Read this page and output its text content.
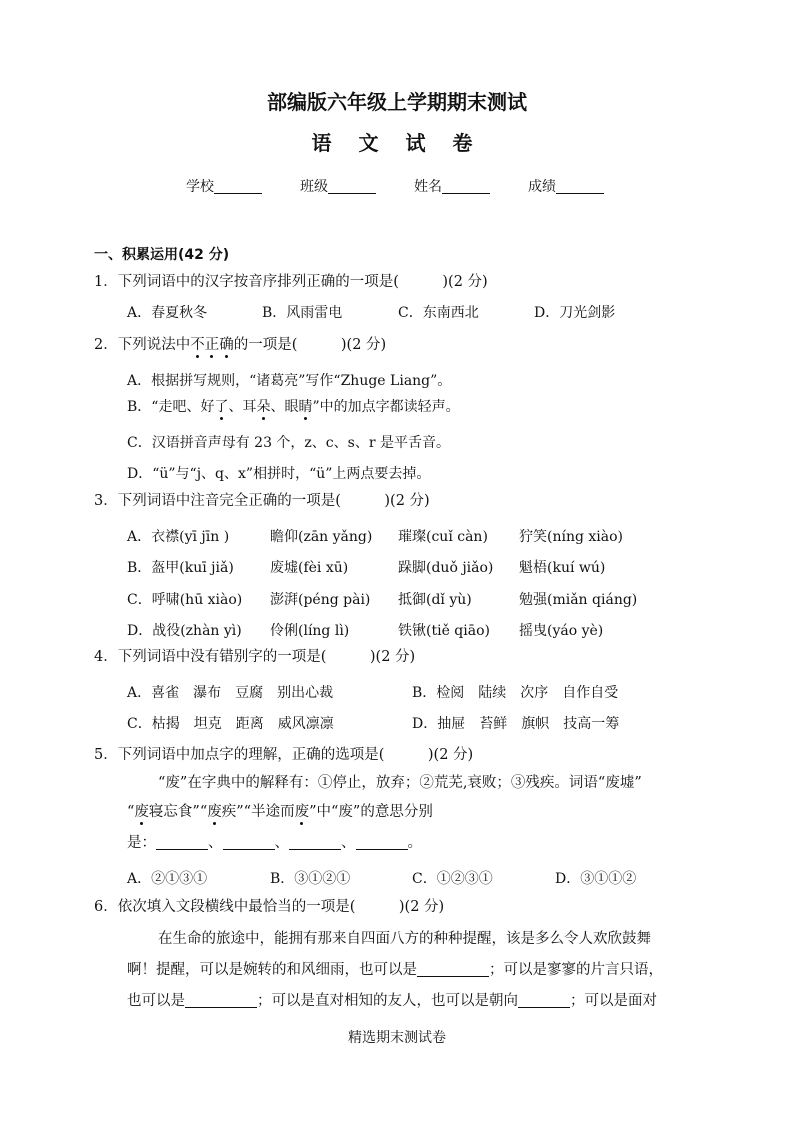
部编版六年级上学期期末测试
语 文 试 卷
学校	班级	姓名	成绩
一、积累运用(42 分)
1．下列词语中的汉字按音序排列正确的一项是(　　　)(2 分)
A．春夏秋冬	B．风雨雷电	C．东南西北	D．刀光剑影
2．下列说法中不正确的一项是(　　　)(2 分)
A．根据拼写规则，“诸葛亮”写作“Zhuge Liang”。
B．“走吧、好了、耳朵、眼睛”中的加点字都读轻声。
C．汉语拼音声母有 23 个，z、c、s、r 是平舌音。
D．“ü”与“j、q、x”相拼时，“ü”上两点要去掉。
3．下列词语中注音完全正确的一项是(　　　)(2 分)
A．衣襟(yī jīn )	瞻仰(zān yǎng) 璀璨(cuǐ càn) 狞笑(níng xiào)
B．盔甲(kuī jiǎ)	废墟(fèi xū)	跺脚(duǒ jiǎo) 魁梧(kuí wú)
C．呼啸(hū xiào) 澎湃(péng pài) 抵御(dǐ yù)	勉强(miǎn qiáng)
D．战役(zhàn yì) 伶俐(líng lì)	铁锹(tiě qiāo) 摇曳(yáo yè)
4．下列词语中没有错别字的一项是(　　　)(2 分)
A．喜雀　瀑布　豆腐　别出心裁	B．检阅　陆续　次序　自作自受
C．枯揭　坦克　距离　威风凛凛	D．抽屉　苔鲜　旗帜　技高一筹
5．下列词语中加点字的理解，正确的选项是(　　　)(2 分)
“废”在字典中的解释有：①停止，放弃；②荒芜,衰败；③残疾。词语“废墟”
“废寝忘食”“废疾”“半途而废”中“废”的意思分别
是：	、	、	、	。
A．②①③①	B．③①②①	C．①②③①	D．③①①②
6．依次填入文段横线中最恰当的一项是(　　　)(2 分)
在生命的旅途中，能拥有那来自四面八方的种种提醒，该是多么令人欢欣鼓舞
啊！提醒，可以是婉转的和风细雨，也可以是	；可以是寥寥的片言只语，
也可以是	；可以是直对相知的友人，也可以是朝向	；可以是面对
精选期末测试卷
